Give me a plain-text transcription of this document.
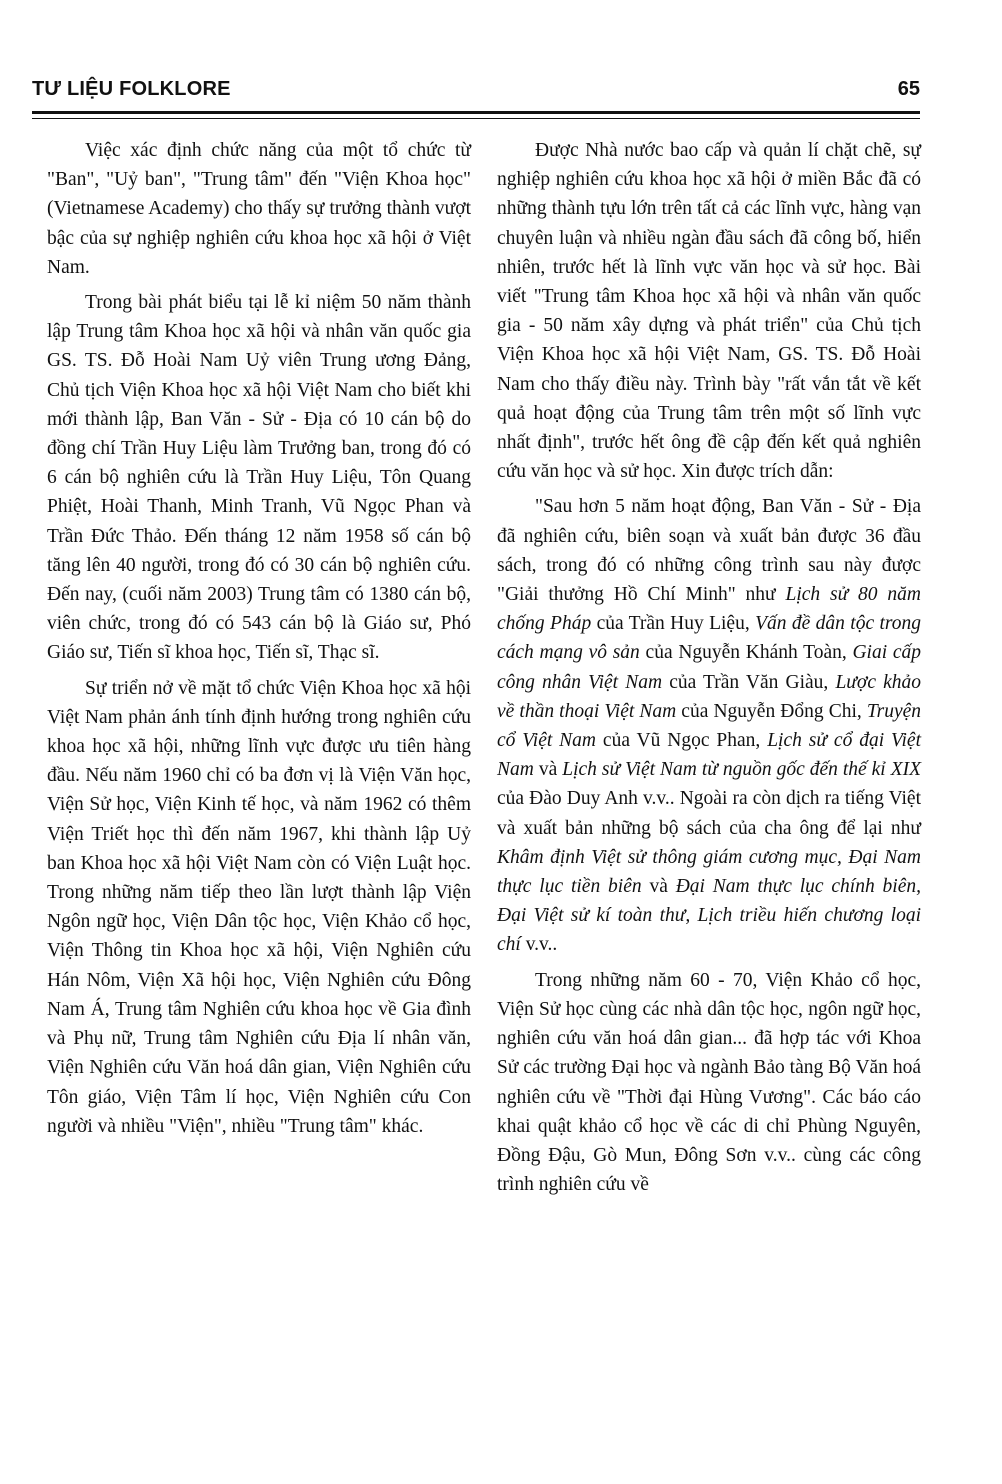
TƯ LIỆU FOLKLORE	65

Việc xác định chức năng của một tổ chức từ "Ban", "Uỷ ban", "Trung tâm" đến "Viện Khoa học" (Vietnamese Academy) cho thấy sự trưởng thành vượt bậc của sự nghiệp nghiên cứu khoa học xã hội ở Việt Nam.

Trong bài phát biểu tại lễ kỉ niệm 50 năm thành lập Trung tâm Khoa học xã hội và nhân văn quốc gia GS. TS. Đỗ Hoài Nam Uỷ viên Trung ương Đảng, Chủ tịch Viện Khoa học xã hội Việt Nam cho biết khi mới thành lập, Ban Văn - Sử - Địa có 10 cán bộ do đồng chí Trần Huy Liệu làm Trưởng ban, trong đó có 6 cán bộ nghiên cứu là Trần Huy Liệu, Tôn Quang Phiệt, Hoài Thanh, Minh Tranh, Vũ Ngọc Phan và Trần Đức Thảo. Đến tháng 12 năm 1958 số cán bộ tăng lên 40 người, trong đó có 30 cán bộ nghiên cứu. Đến nay, (cuối năm 2003) Trung tâm có 1380 cán bộ, viên chức, trong đó có 543 cán bộ là Giáo sư, Phó Giáo sư, Tiến sĩ khoa học, Tiến sĩ, Thạc sĩ.

Sự triển nở về mặt tổ chức Viện Khoa học xã hội Việt Nam phản ánh tính định hướng trong nghiên cứu khoa học xã hội, những lĩnh vực được ưu tiên hàng đầu. Nếu năm 1960 chỉ có ba đơn vị là Viện Văn học, Viện Sử học, Viện Kinh tế học, và năm 1962 có thêm Viện Triết học thì đến năm 1967, khi thành lập Uỷ ban Khoa học xã hội Việt Nam còn có Viện Luật học. Trong những năm tiếp theo lần lượt thành lập Viện Ngôn ngữ học, Viện Dân tộc học, Viện Khảo cổ học, Viện Thông tin Khoa học xã hội, Viện Nghiên cứu Hán Nôm, Viện Xã hội học, Viện Nghiên cứu Đông Nam Á, Trung tâm Nghiên cứu khoa học về Gia đình và Phụ nữ, Trung tâm Nghiên cứu Địa lí nhân văn, Viện Nghiên cứu Văn hoá dân gian, Viện Nghiên cứu Tôn giáo, Viện Tâm lí học, Viện Nghiên cứu Con người và nhiều "Viện", nhiều "Trung tâm" khác.

Được Nhà nước bao cấp và quản lí chặt chẽ, sự nghiệp nghiên cứu khoa học xã hội ở miền Bắc đã có những thành tựu lớn trên tất cả các lĩnh vực, hàng vạn chuyên luận và nhiều ngàn đầu sách đã công bố, hiển nhiên, trước hết là lĩnh vực văn học và sử học. Bài viết "Trung tâm Khoa học xã hội và nhân văn quốc gia - 50 năm xây dựng và phát triển" của Chủ tịch Viện Khoa học xã hội Việt Nam, GS. TS. Đỗ Hoài Nam cho thấy điều này. Trình bày "rất vắn tắt về kết quả hoạt động của Trung tâm trên một số lĩnh vực nhất định", trước hết ông đề cập đến kết quả nghiên cứu văn học và sử học. Xin được trích dẫn:

"Sau hơn 5 năm hoạt động, Ban Văn - Sử - Địa đã nghiên cứu, biên soạn và xuất bản được 36 đầu sách, trong đó có những công trình sau này được "Giải thưởng Hồ Chí Minh" như Lịch sử 80 năm chống Pháp của Trần Huy Liệu, Vấn đề dân tộc trong cách mạng vô sản của Nguyễn Khánh Toàn, Giai cấp công nhân Việt Nam của Trần Văn Giàu, Lược khảo về thần thoại Việt Nam của Nguyễn Đổng Chi, Truyện cổ Việt Nam của Vũ Ngọc Phan, Lịch sử cổ đại Việt Nam và Lịch sử Việt Nam từ nguồn gốc đến thế kỉ XIX của Đào Duy Anh v.v.. Ngoài ra còn dịch ra tiếng Việt và xuất bản những bộ sách của cha ông để lại như Khâm định Việt sử thông giám cương mục, Đại Nam thực lục tiền biên và Đại Nam thực lục chính biên, Đại Việt sử kí toàn thư, Lịch triều hiến chương loại chí v.v..

Trong những năm 60 - 70, Viện Khảo cổ học, Viện Sử học cùng các nhà dân tộc học, ngôn ngữ học, nghiên cứu văn hoá dân gian... đã hợp tác với Khoa Sử các trường Đại học và ngành Bảo tàng Bộ Văn hoá nghiên cứu về "Thời đại Hùng Vương". Các báo cáo khai quật khảo cổ học về các di chỉ Phùng Nguyên, Đồng Đậu, Gò Mun, Đông Sơn v.v.. cùng các công trình nghiên cứu về
